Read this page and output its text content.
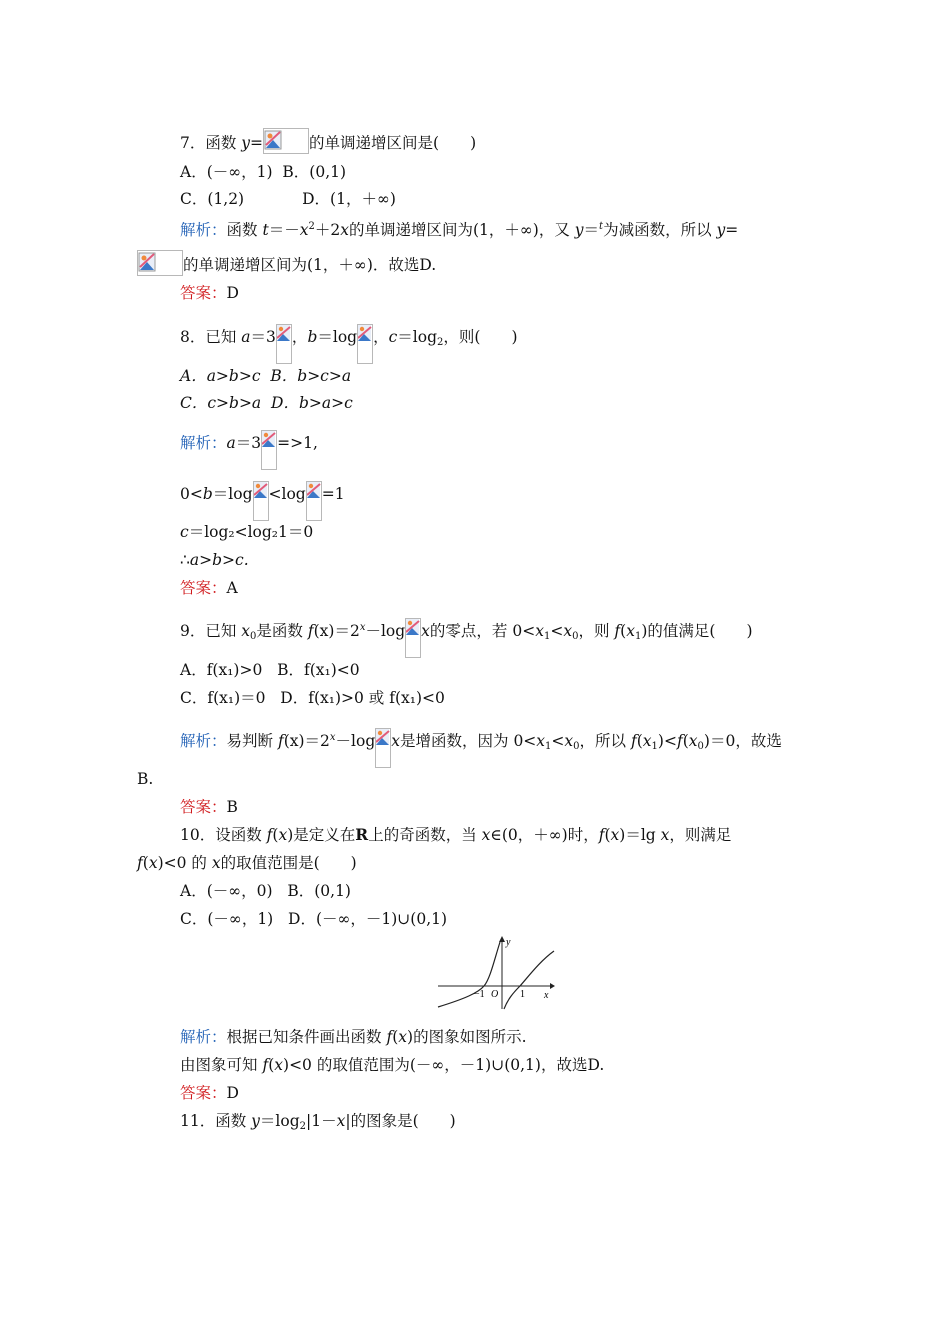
7．函数 y=	的单调递增区间是(　　)
A．(－∞，1) B．(0,1)
C．(1,2)	D．(1，＋∞)
解析：函数 $t=-x^2+2x$的单调递增区间为(1，＋∞)，又 y＝$^t$为减函数，所以 y=
的单调递增区间为(1，＋∞)．故选D.
答案：D
8．已知 a＝3 ，b＝log ，$c=\log_2$，则(　　)
A．a>b>c B．b>c>a
C．c>b>a D．b>a>c
解析：a＝3 =>1,
0<b＝log <log =1
c＝log₂<log₂1＝0
∴a>b>c.
答案：A
9．已知 $x_0$是函数 $f(x)=2^x-\log$ x的零点，若 $0<x_1<x_0$，则 $f(x_1)$的值满足(　　)
A．f(x₁)>0 B．f(x₁)<0
C．f(x₁)＝0 D．f(x₁)>0 或 f(x₁)<0
解析：易判断 $f(x)=2^x-\log$ x是增函数，因为 $0<x_1<x_0$，所以 $f(x_1)<f(x_0)=0$，故选
B.
答案：B
10．设函数 f(x)是定义在R上的奇函数，当 x∈(0，＋∞)时，f(x)＝lg x，则满足
f(x)<0 的 x的取值范围是(　　)
A．(－∞，0) B．(0,1)
C．(－∞，1) D．(－∞，－1)∪(0,1)
y
x
−1 O 1
解析：根据已知条件画出函数 f(x)的图象如图所示.
由图象可知 f(x)<0 的取值范围为(－∞，－1)∪(0,1)，故选D.
答案：D
11．函数 $y=\log_2|1-x|$的图象是(　　)
